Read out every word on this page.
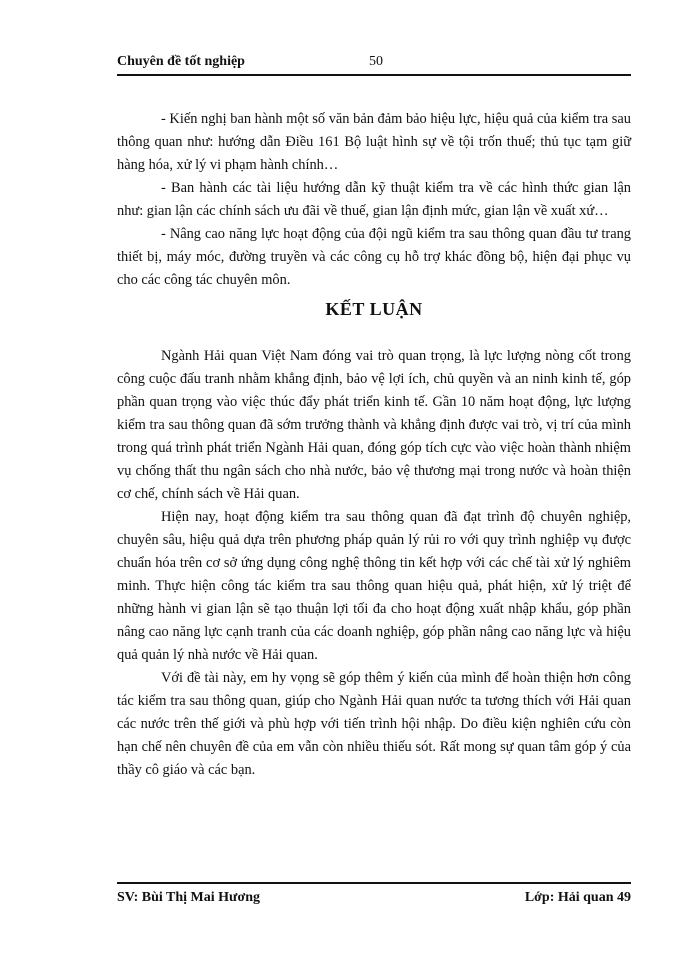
Chuyên đề tốt nghiệp	50

- Kiến nghị ban hành một số văn bản đảm bảo hiệu lực, hiệu quả của kiểm tra sau thông quan như: hướng dẫn Điều 161 Bộ luật hình sự về tội trốn thuế; thủ tục tạm giữ hàng hóa, xử lý vi phạm hành chính…

- Ban hành các tài liệu hướng dẫn kỹ thuật kiểm tra về các hình thức gian lận như: gian lận các chính sách ưu đãi về thuế, gian lận định mức, gian lận về xuất xứ…

- Nâng cao năng lực hoạt động của đội ngũ kiểm tra sau thông quan đầu tư trang thiết bị, máy móc, đường truyền và các công cụ hỗ trợ khác đồng bộ, hiện đại phục vụ cho các công tác chuyên môn.

KẾT LUẬN

Ngành Hải quan Việt Nam đóng vai trò quan trọng, là lực lượng nòng cốt trong công cuộc đấu tranh nhằm khẳng định, bảo vệ lợi ích, chủ quyền và an ninh kinh tế, góp phần quan trọng vào việc thúc đẩy phát triển kinh tế. Gần 10 năm hoạt động, lực lượng kiểm tra sau thông quan đã sớm trưởng thành và khẳng định được vai trò, vị trí của mình trong quá trình phát triển Ngành Hải quan, đóng góp tích cực vào việc hoàn thành nhiệm vụ chống thất thu ngân sách cho nhà nước, bảo vệ thương mại trong nước và hoàn thiện cơ chế, chính sách về Hải quan.

Hiện nay, hoạt động kiểm tra sau thông quan đã đạt trình độ chuyên nghiệp, chuyên sâu, hiệu quả dựa trên phương pháp quản lý rủi ro với quy trình nghiệp vụ được chuẩn hóa trên cơ sở ứng dụng công nghệ thông tin kết hợp với các chế tài xử lý nghiêm minh. Thực hiện công tác kiểm tra sau thông quan hiệu quả, phát hiện, xử lý triệt để những hành vi gian lận sẽ tạo thuận lợi tối đa cho hoạt động xuất nhập khẩu, góp phần nâng cao năng lực cạnh tranh của các doanh nghiệp, góp phần nâng cao năng lực và hiệu quả quản lý nhà nước về Hải quan.

Với đề tài này, em hy vọng sẽ góp thêm ý kiến của mình để hoàn thiện hơn công tác kiểm tra sau thông quan, giúp cho Ngành Hải quan nước ta tương thích với Hải quan các nước trên thế giới và phù hợp với tiến trình hội nhập. Do điều kiện nghiên cứu còn hạn chế nên chuyên đề của em vẫn còn nhiều thiếu sót. Rất mong sự quan tâm góp ý của thầy cô giáo và các bạn.

SV: Bùi Thị Mai Hương	Lớp: Hải quan 49
